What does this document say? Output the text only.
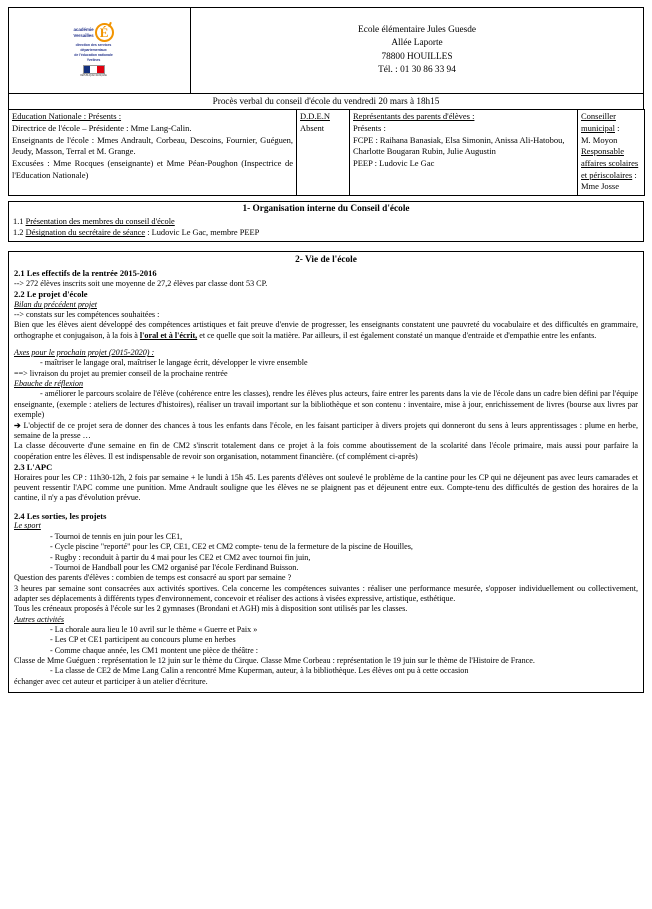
académie
Versailles É
direction des services
départementaux
de l'éducation nationale
Yvelines
RÉPUBLIQUE FRANÇAISE

Ecole élémentaire Jules Guesde
Allée Laporte
78800 HOUILLES
Tél. : 01 30 86 33 94

Procès verbal du conseil d'école du vendredi 20 mars à 18h15
Education Nationale : Présents :
Directrice de l'école – Présidente : Mme Lang-Calin.
Enseignants de l'école : Mmes Andrault, Corbeau, Descoins, Fournier, Guéguen, Jeudy, Masson, Terral et M. Grange.
Excusées : Mme Rocques (enseignante) et Mme Péan-Poughon (Inspectrice de l'Education Nationale)

D.D.E.N
Absent

Représentants des parents d'élèves :
Présents :
FCPE : Raihana Banasiak, Elsa Simonin, Anissa Ali-Hatobou, Charlotte Bougaran Rubin, Julie Augustin
PEEP : Ludovic Le Gac

Conseiller
municipal :
M. Moyon
Responsable
affaires scolaires
et périscolaires :
Mme Josse
1- Organisation interne du Conseil d'école
1.1 Présentation des membres du conseil d'école
1.2 Désignation du secrétaire de séance : Ludovic Le Gac, membre PEEP
2- Vie de l'école

2.1 Les effectifs de la rentrée 2015-2016

--> 272 élèves inscrits soit une moyenne de 27,2 élèves par classe dont 53 CP.

2.2 Le projet d'école

Bilan du précédent projet

--> constats sur les compétences souhaitées :

Bien que les élèves aient développé des compétences artistiques et fait preuve d'envie de progresser, les enseignants constatent une pauvreté du vocabulaire et des difficultés en grammaire, orthographe et conjugaison, à la fois à l'oral et à l'écrit, et ce quelle que soit la matière. Par ailleurs, il est également constaté un manque d'entraide et d'empathie entre les enfants.

Axes pour le prochain projet (2015-2020) :

- maîtriser le langage oral, maîtriser le langage écrit, développer le vivre ensemble

==> livraison du projet au premier conseil de la prochaine rentrée

Ebauche de réflexion

- améliorer le parcours scolaire de l'élève (cohérence entre les classes), rendre les élèves plus acteurs, faire entrer les parents dans la vie de l'école dans un cadre bien défini par l'équipe enseignante, (exemple : ateliers de lectures d'histoires), réaliser un travail important sur la bibliothèque et son contenu : inventaire, mise à jour, enrichissement de livres (bourse aux livres par exemple)

➔ L'objectif de ce projet sera de donner des chances à tous les enfants dans l'école, en les faisant participer à divers projets qui donneront du sens à leurs apprentissages : plume en herbe, semaine de la presse …

La classe découverte d'une semaine en fin de CM2 s'inscrit totalement dans ce projet à la fois comme aboutissement de la scolarité dans l'école primaire, mais aussi pour parfaire la coopération entre les élèves. Il est indispensable de revoir son organisation, notamment financière. (cf complément ci-après)

2.3 L'APC

Horaires pour les CP : 11h30-12h, 2 fois par semaine + le lundi à 15h 45. Les parents d'élèves ont soulevé le problème de la cantine pour les CP qui ne déjeunent pas avec leurs camarades et peuvent ressentir l'APC comme une punition. Mme Andrault souligne que les élèves ne se plaignent pas et déjeunent entre eux. Compte-tenu des difficultés de gestion des horaires de la cantine, il n'y a pas d'évolution prévue.

2.4 Les sorties, les projets

Le sport

- Tournoi de tennis en juin pour les CE1,

- Cycle piscine "reporté" pour les CP, CE1, CE2 et CM2 compte- tenu de la fermeture de la piscine de Houilles,

- Rugby : reconduit à partir du 4 mai pour les CE2 et CM2 avec tournoi fin juin,

- Tournoi de Handball pour les CM2 organisé par l'école Ferdinand Buisson.

Question des parents d'élèves : combien de temps est consacré au sport par semaine ?

3 heures par semaine sont consacrées aux activités sportives. Cela concerne les compétences suivantes : réaliser une performance mesurée, s'opposer individuellement ou collectivement, adapter ses déplacements à différents types d'environnement, concevoir et réaliser des actions à visées expressive, artistique, esthétique.

Tous les créneaux proposés à l'école sur les 2 gymnases (Brondani et AGH) mis à disposition sont utilisés par les classes.

Autres activités

- La chorale aura lieu le 10 avril sur le thème « Guerre et Paix »

- Les CP et CE1 participent au concours plume en herbes

- Comme chaque année, les CM1 montent une pièce de théâtre :

Classe de Mme Guéguen : représentation le 12 juin sur le thème du Cirque. Classe Mme Corbeau : représentation le 19 juin sur le thème de l'Histoire de France.

- La classe de CE2 de Mme Lang Calin a rencontré Mme Kuperman, auteur, à la bibliothèque. Les élèves ont pu à cette occasion

échanger avec cet auteur et participer à un atelier d'écriture.
